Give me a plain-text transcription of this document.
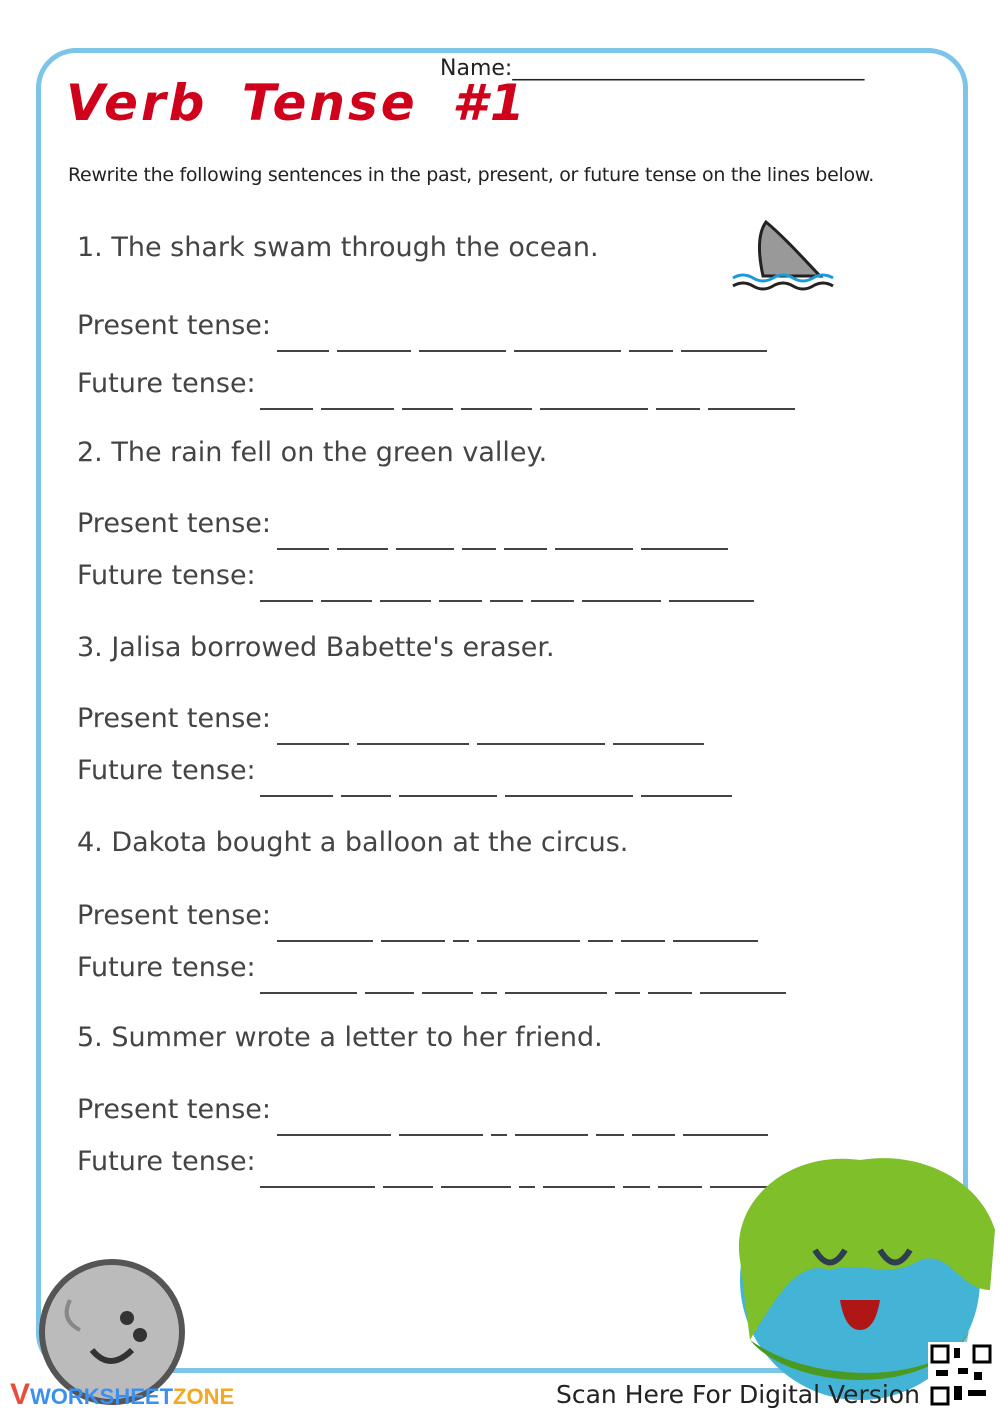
Verb Tense #1
Name:________________________________
Rewrite the following sentences in the past, present, or future tense on the lines below.
1. The shark swam through the ocean.
Present tense:
Future tense:
2. The rain fell on the green valley.
Present tense:
Future tense:
3. Jalisa borrowed Babette's eraser.
Present tense:
Future tense:
4. Dakota bought a balloon at the circus.
Present tense:
Future tense:
5. Summer wrote a letter to her friend.
Present tense:
Future tense:
VWORKSHEETZONE	Scan Here For Digital Version
